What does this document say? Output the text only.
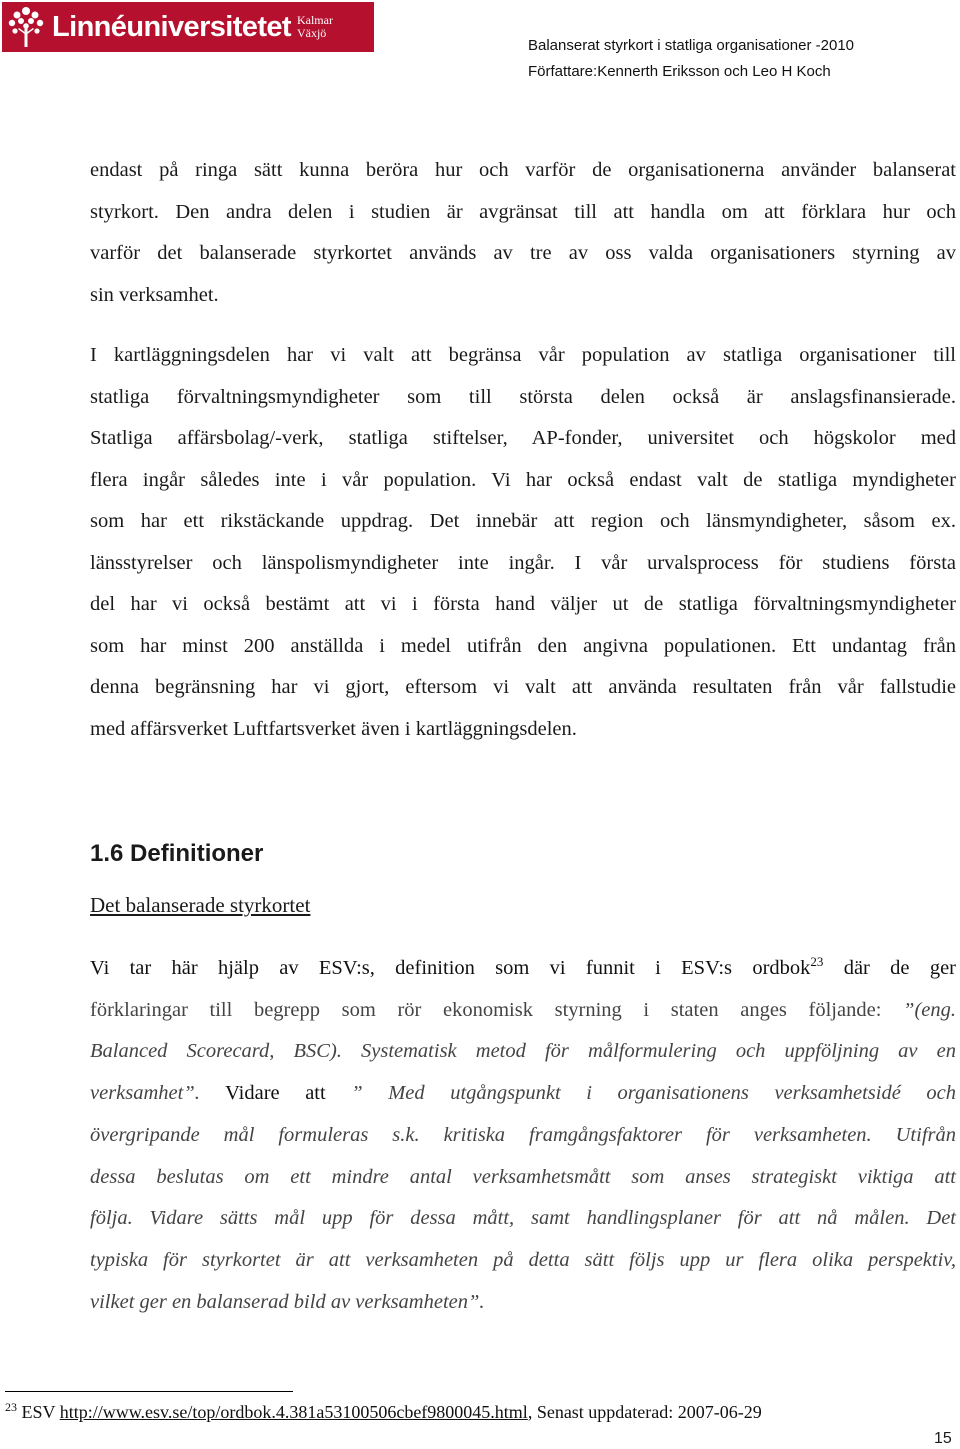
Linnéuniversitetet Kalmar
Växjö
Balanserat styrkort i statliga organisationer -2010
Författare:Kennerth Eriksson och Leo H Koch
endast på ringa sätt kunna beröra hur och varför de organisationerna använder balanserat
styrkort. Den andra delen i studien är avgränsat till att handla om att förklara hur och
varför det balanserade styrkortet används av tre av oss valda organisationers styrning av
sin verksamhet.
I kartläggningsdelen har vi valt att begränsa vår population av statliga organisationer till
statliga förvaltningsmyndigheter som till största delen också är anslagsfinansierade.
Statliga affärsbolag/-verk, statliga stiftelser, AP-fonder, universitet och högskolor med
flera ingår således inte i vår population. Vi har också endast valt de statliga myndigheter
som har ett rikstäckande uppdrag. Det innebär att region och länsmyndigheter, såsom ex.
länsstyrelser och länspolismyndigheter inte ingår. I vår urvalsprocess för studiens första
del har vi också bestämt att vi i första hand väljer ut de statliga förvaltningsmyndigheter
som har minst 200 anställda i medel utifrån den angivna populationen. Ett undantag från
denna begränsning har vi gjort, eftersom vi valt att använda resultaten från vår fallstudie
med affärsverket Luftfartsverket även i kartläggningsdelen.
1.6 Definitioner
Det balanserade styrkortet
Vi tar här hjälp av ESV:s, definition som vi funnit i ESV:s ordbok$^{23}$ där de ger
förklaringar till begrepp som rör ekonomisk styrning i staten anges följande: ”(eng.
Balanced Scorecard, BSC). Systematisk metod för målformulering och uppföljning av en
verksamhet”. Vidare att ” Med utgångspunkt i organisationens verksamhetsidé och
övergripande mål formuleras s.k. kritiska framgångsfaktorer för verksamheten. Utifrån
dessa beslutas om ett mindre antal verksamhetsmått som anses strategiskt viktiga att
följa. Vidare sätts mål upp för dessa mått, samt handlingsplaner för att nå målen. Det
typiska för styrkortet är att verksamheten på detta sätt följs upp ur flera olika perspektiv,
vilket ger en balanserad bild av verksamheten”.
$^{23}$ ESV http://www.esv.se/top/ordbok.4.381a53100506cbef9800045.html, Senast uppdaterad: 2007-06-29
15
